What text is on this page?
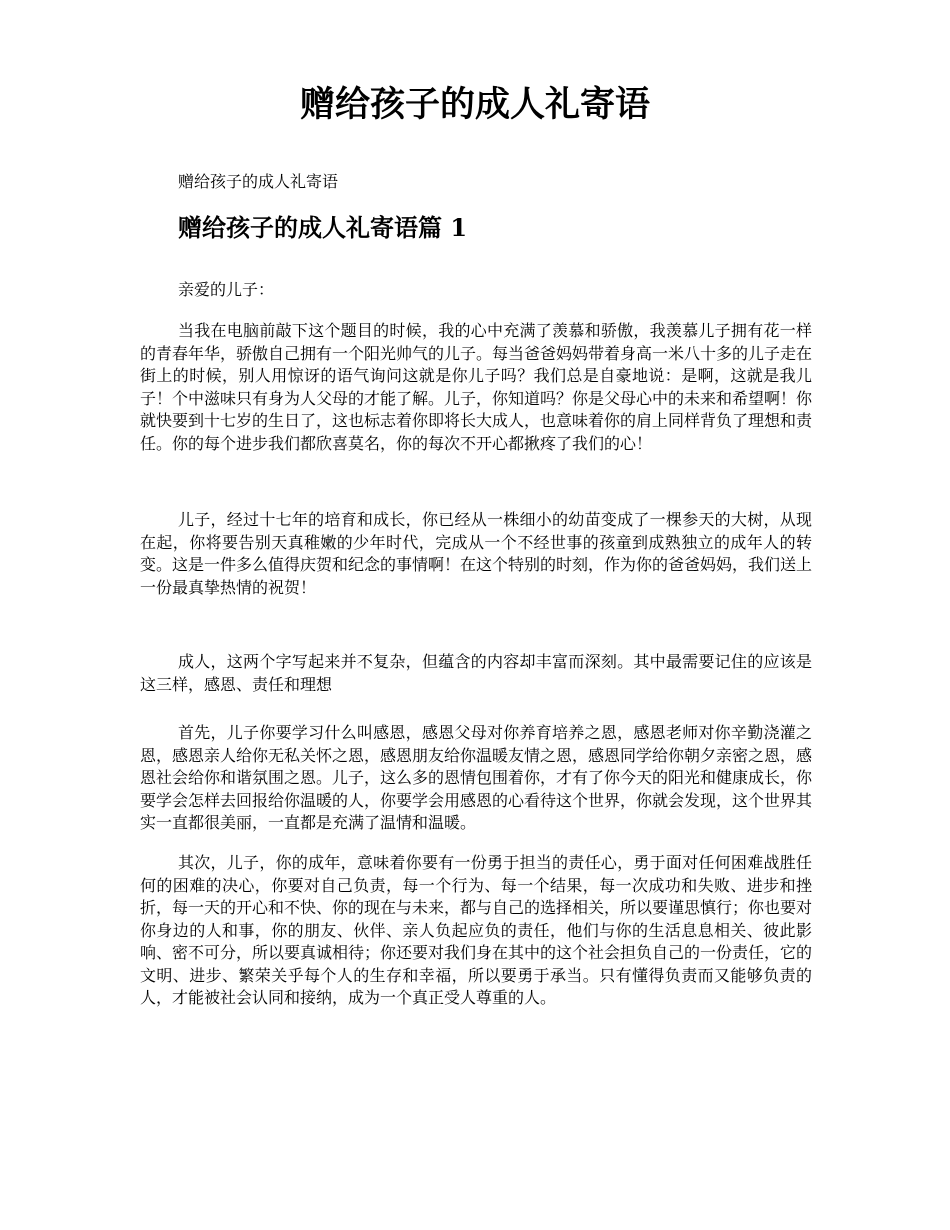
赠给孩子的成人礼寄语

赠给孩子的成人礼寄语

赠给孩子的成人礼寄语篇 1

亲爱的儿子：

当我在电脑前敲下这个题目的时候，我的心中充满了羡慕和骄傲，我羡慕儿子拥有花一样的青春年华，骄傲自己拥有一个阳光帅气的儿子。每当爸爸妈妈带着身高一米八十多的儿子走在街上的时候，别人用惊讶的语气询问这就是你儿子吗？我们总是自豪地说：是啊，这就是我儿子！个中滋味只有身为人父母的才能了解。儿子，你知道吗？你是父母心中的未来和希望啊！你就快要到十七岁的生日了，这也标志着你即将长大成人，也意味着你的肩上同样背负了理想和责任。你的每个进步我们都欣喜莫名，你的每次不开心都揪疼了我们的心！

儿子，经过十七年的培育和成长，你已经从一株细小的幼苗变成了一棵参天的大树，从现在起，你将要告别天真稚嫩的少年时代，完成从一个不经世事的孩童到成熟独立的成年人的转变。这是一件多么值得庆贺和纪念的事情啊！在这个特别的时刻，作为你的爸爸妈妈，我们送上一份最真挚热情的祝贺！

成人，这两个字写起来并不复杂，但蕴含的内容却丰富而深刻。其中最需要记住的应该是这三样，感恩、责任和理想

首先，儿子你要学习什么叫感恩，感恩父母对你养育培养之恩，感恩老师对你辛勤浇灌之恩，感恩亲人给你无私关怀之恩，感恩朋友给你温暖友情之恩，感恩同学给你朝夕亲密之恩，感恩社会给你和谐氛围之恩。儿子，这么多的恩情包围着你，才有了你今天的阳光和健康成长，你要学会怎样去回报给你温暖的人，你要学会用感恩的心看待这个世界，你就会发现，这个世界其实一直都很美丽，一直都是充满了温情和温暖。

其次，儿子，你的成年，意味着你要有一份勇于担当的责任心，勇于面对任何困难战胜任何的困难的决心，你要对自己负责，每一个行为、每一个结果，每一次成功和失败、进步和挫折，每一天的开心和不快、你的现在与未来，都与自己的选择相关，所以要谨思慎行；你也要对你身边的人和事，你的朋友、伙伴、亲人负起应负的责任，他们与你的生活息息相关、彼此影响、密不可分，所以要真诚相待；你还要对我们身在其中的这个社会担负自己的一份责任，它的文明、进步、繁荣关乎每个人的生存和幸福，所以要勇于承当。只有懂得负责而又能够负责的人，才能被社会认同和接纳，成为一个真正受人尊重的人。
